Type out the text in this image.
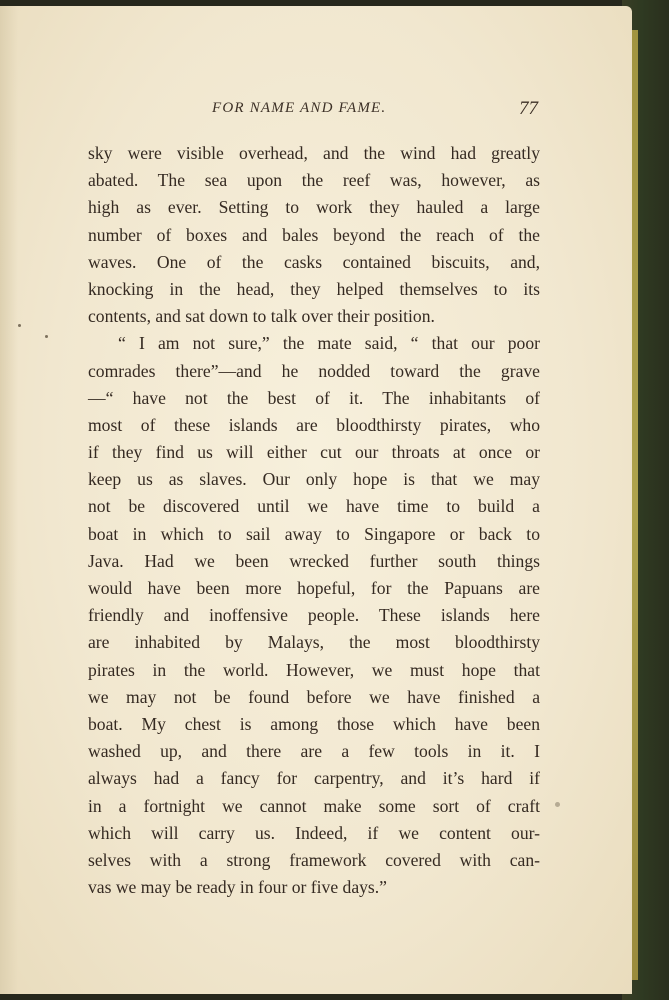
FOR NAME AND FAME.	77
sky were visible overhead, and the wind had greatly
abated. The sea upon the reef was, however, as
high as ever. Setting to work they hauled a large
number of boxes and bales beyond the reach of the
waves. One of the casks contained biscuits, and,
knocking in the head, they helped themselves to its
contents, and sat down to talk over their position.
“ I am not sure,” the mate said, “ that our poor
comrades there”—and he nodded toward the grave
—“ have not the best of it. The inhabitants of
most of these islands are bloodthirsty pirates, who
if they find us will either cut our throats at once or
keep us as slaves. Our only hope is that we may
not be discovered until we have time to build a
boat in which to sail away to Singapore or back to
Java. Had we been wrecked further south things
would have been more hopeful, for the Papuans are
friendly and inoffensive people. These islands here
are inhabited by Malays, the most bloodthirsty
pirates in the world. However, we must hope that
we may not be found before we have finished a
boat. My chest is among those which have been
washed up, and there are a few tools in it. I
always had a fancy for carpentry, and it’s hard if
in a fortnight we cannot make some sort of craft
which will carry us. Indeed, if we content our-
selves with a strong framework covered with can-
vas we may be ready in four or five days.”
